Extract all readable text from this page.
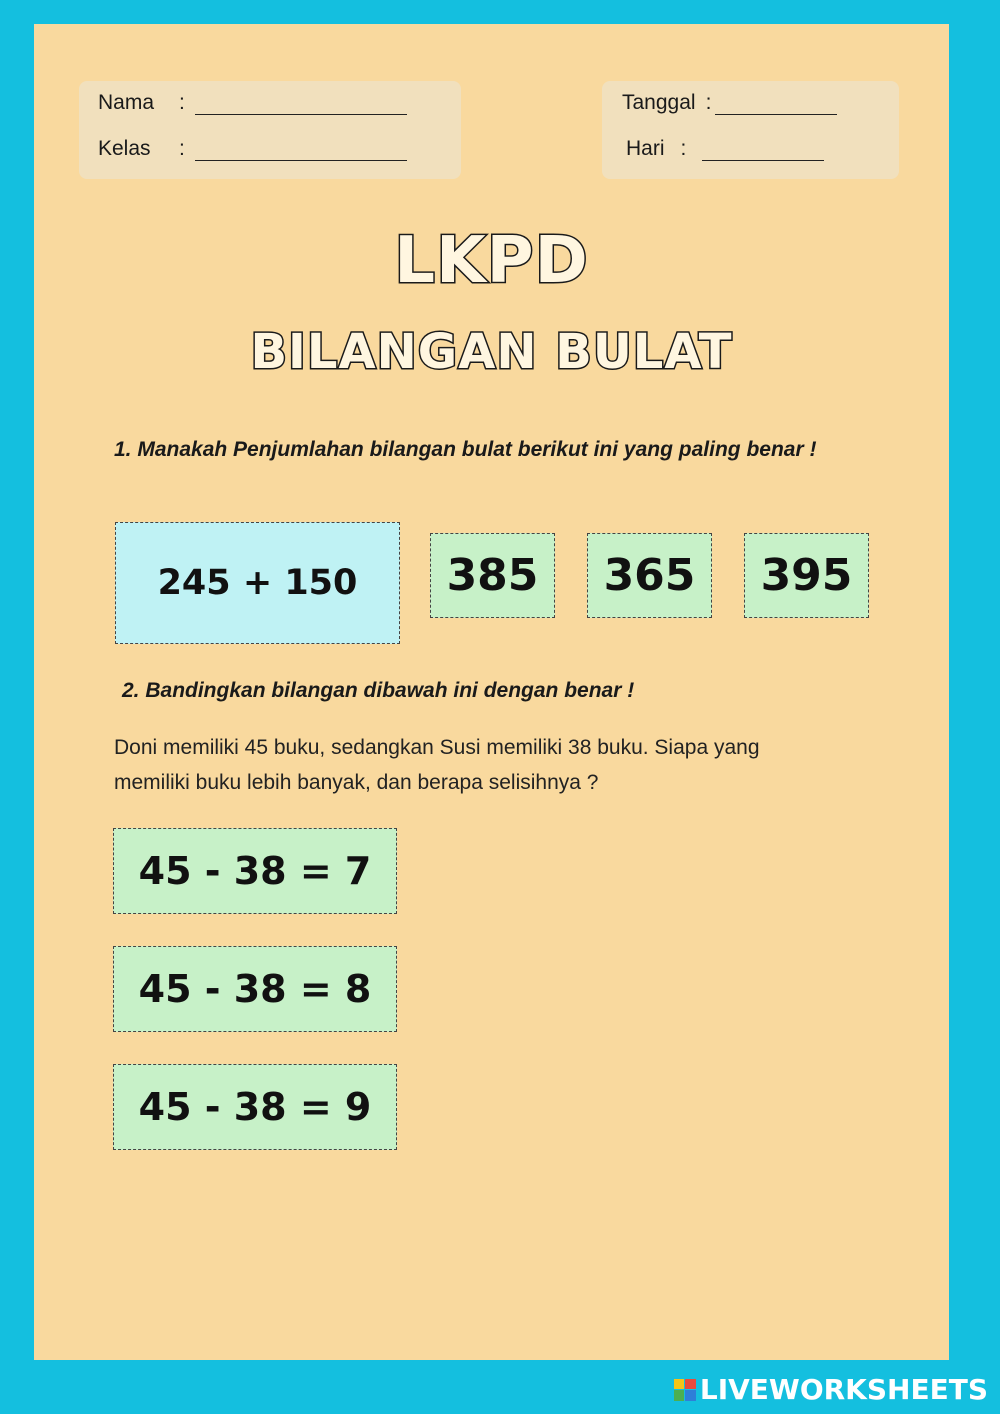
Nama	:
Kelas	:
Tanggal :
Hari :
LKPD
BILANGAN BULAT
1. Manakah Penjumlahan bilangan bulat berikut ini yang paling benar !
245 + 150	385	365	395
2. Bandingkan bilangan dibawah ini dengan benar !
Doni memiliki 45 buku, sedangkan Susi memiliki 38 buku. Siapa yang
memiliki buku lebih banyak, dan berapa selisihnya ?
45 - 38 = 7
45 - 38 = 8
45 - 38 = 9
LIVEWORKSHEETS
